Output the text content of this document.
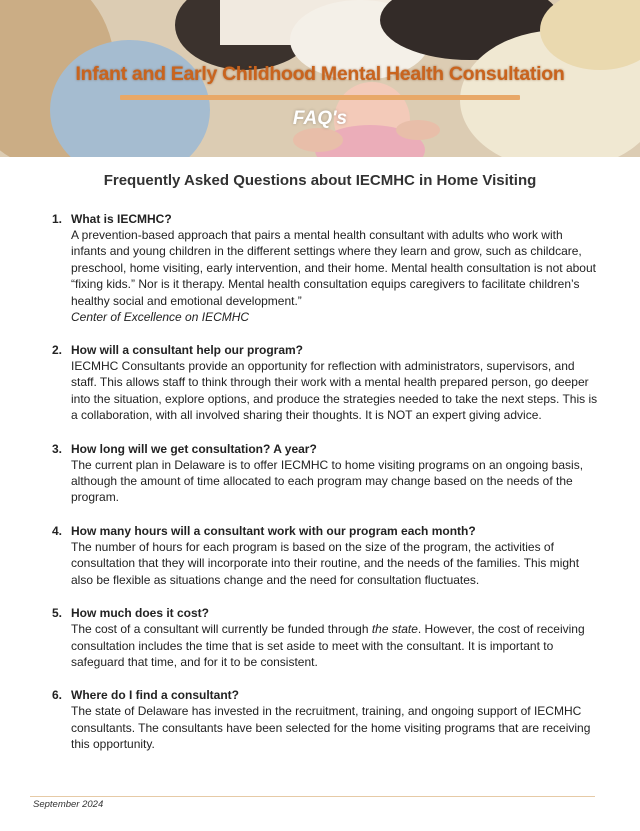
Infant and Early Childhood Mental Health Consultation
FAQ's
Frequently Asked Questions about IECMHC in Home Visiting
1. What is IECMHC?
A prevention-based approach that pairs a mental health consultant with adults who work with infants and young children in the different settings where they learn and grow, such as childcare, preschool, home visiting, early intervention, and their home. Mental health consultation is not about “fixing kids.” Nor is it therapy. Mental health consultation equips caregivers to facilitate children’s healthy social and emotional development.”
Center of Excellence on IECMHC
2. How will a consultant help our program?
IECMHC Consultants provide an opportunity for reflection with administrators, supervisors, and staff. This allows staff to think through their work with a mental health prepared person, go deeper into the situation, explore options, and produce the strategies needed to take the next steps. This is a collaboration, with all involved sharing their thoughts. It is NOT an expert giving advice.
3. How long will we get consultation? A year?
The current plan in Delaware is to offer IECMHC to home visiting programs on an ongoing basis, although the amount of time allocated to each program may change based on the needs of the program.
4. How many hours will a consultant work with our program each month?
The number of hours for each program is based on the size of the program, the activities of consultation that they will incorporate into their routine, and the needs of the families. This might also be flexible as situations change and the need for consultation fluctuates.
5. How much does it cost?
The cost of a consultant will currently be funded through the state. However, the cost of receiving consultation includes the time that is set aside to meet with the consultant. It is important to safeguard that time, and for it to be consistent.
6. Where do I find a consultant?
The state of Delaware has invested in the recruitment, training, and ongoing support of IECMHC consultants. The consultants have been selected for the home visiting programs that are receiving this opportunity.
September 2024
